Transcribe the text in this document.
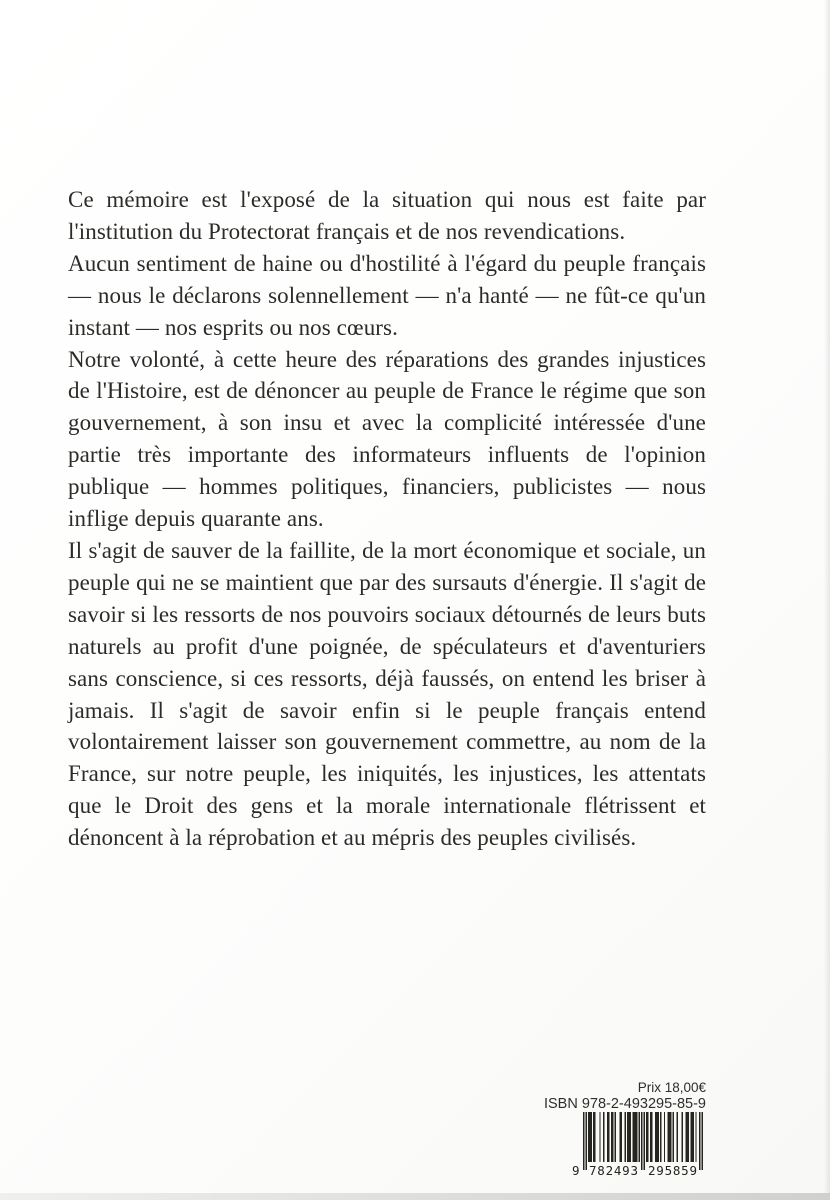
Ce mémoire est l'exposé de la situation qui nous est faite par l'institution du Protectorat français et de nos revendications.

Aucun sentiment de haine ou d'hostilité à l'égard du peuple français — nous le déclarons solennellement — n'a hanté — ne fût-ce qu'un instant — nos esprits ou nos cœurs.

Notre volonté, à cette heure des réparations des grandes injustices de l'Histoire, est de dénoncer au peuple de France le régime que son gouvernement, à son insu et avec la complicité intéressée d'une partie très importante des informateurs influents de l'opinion publique — hommes politiques, financiers, publicistes — nous inflige depuis quarante ans.

Il s'agit de sauver de la faillite, de la mort économique et sociale, un peuple qui ne se maintient que par des sursauts d'énergie. Il s'agit de savoir si les ressorts de nos pouvoirs sociaux détournés de leurs buts naturels au profit d'une poignée, de spéculateurs et d'aventuriers sans conscience, si ces ressorts, déjà faussés, on entend les briser à jamais. Il s'agit de savoir enfin si le peuple français entend volontairement laisser son gouvernement commettre, au nom de la France, sur notre peuple, les iniquités, les injustices, les attentats que le Droit des gens et la morale internationale flétrissent et dénoncent à la réprobation et au mépris des peuples civilisés.

Prix 18,00€
ISBN 978-2-493295-85-9
9 782493 295859
